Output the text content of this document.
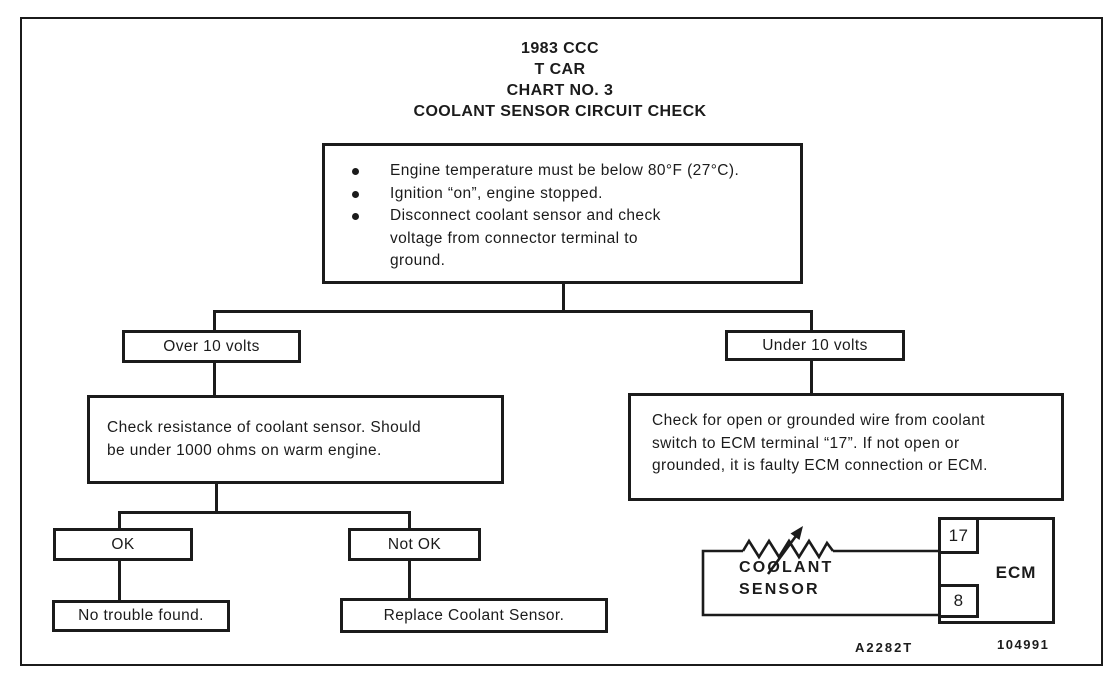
1983 CCC
T CAR
CHART NO. 3
COOLANT SENSOR CIRCUIT CHECK
Engine temperature must be below 80°F (27°C).
Ignition “on”, engine stopped.
Disconnect coolant sensor and check
voltage from connector terminal to
ground.
Over 10 volts
Check resistance of coolant sensor. Should
be under 1000 ohms on warm engine.
OK	Not OK
No trouble found.	Replace Coolant Sensor.
Under 10 volts
Check for open or grounded wire from coolant
switch to ECM terminal “17”. If not open or
grounded, it is faulty ECM connection or ECM.
17
8
ECM
COOLANT
SENSOR
A2282T	104991
